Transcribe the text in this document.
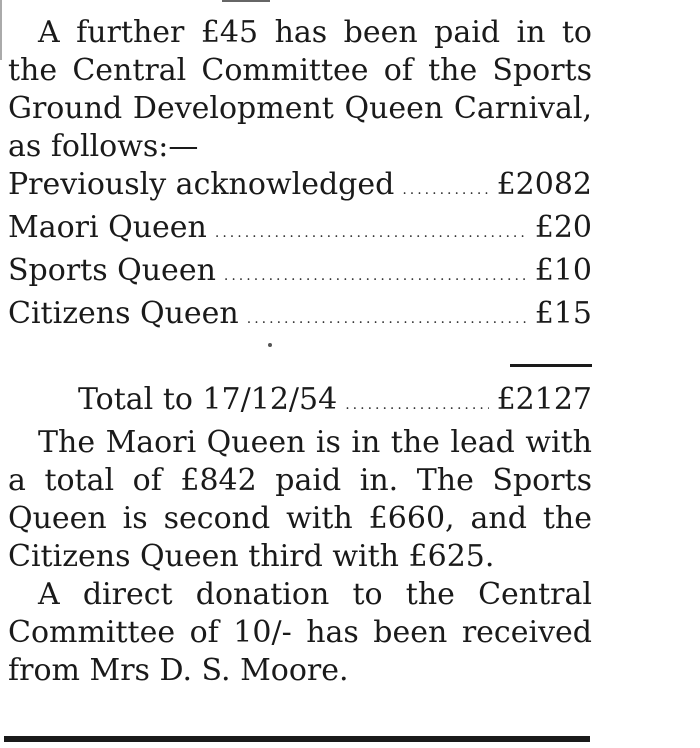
A further £45 has been paid in to the Central Committee of the Sports Ground Development Queen Carnival, as follows:—

Previously acknowledged .....	£2082
Maori Queen .....	£20
Sports Queen .....	£10
Citizens Queen .....	£15
Total to 17/12/54 .....	£2127

The Maori Queen is in the lead with a total of £842 paid in. The Sports Queen is second with £660, and the Citizens Queen third with £625.

A direct donation to the Central Committee of 10/- has been received from Mrs D. S. Moore.
